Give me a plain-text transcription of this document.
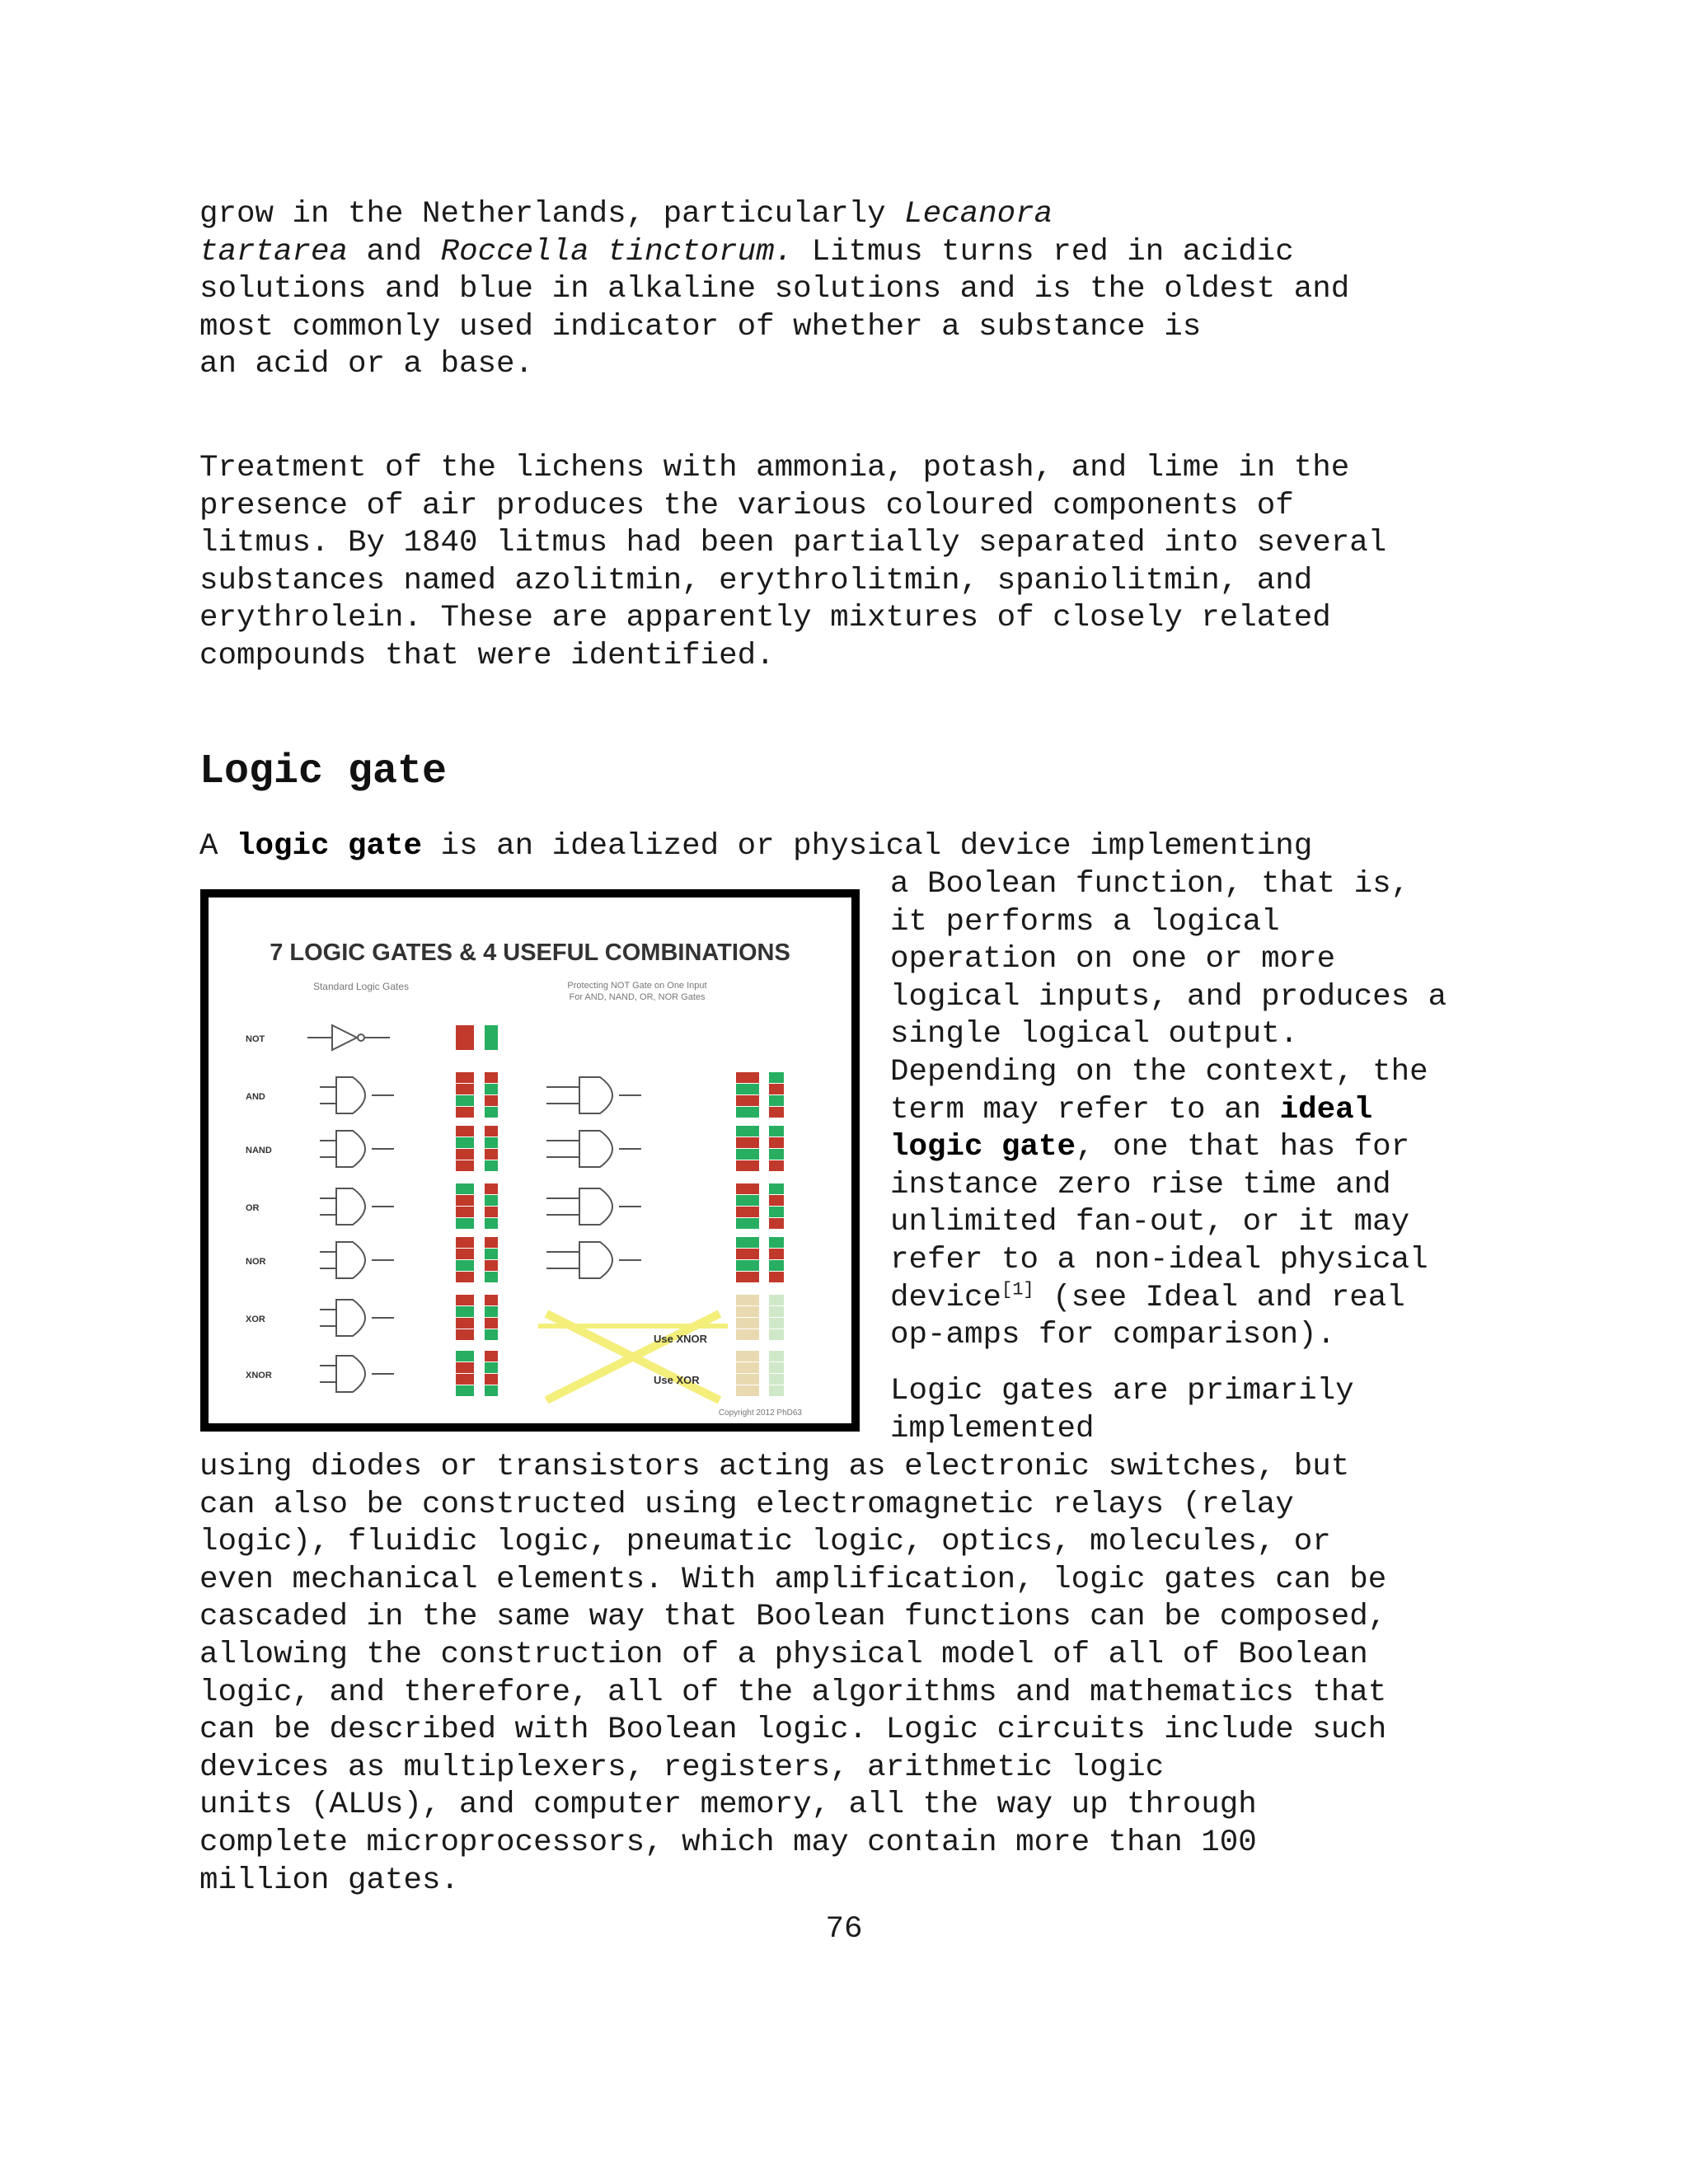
grow in the Netherlands, particularly Lecanora
tartarea and Roccella tinctorum. Litmus turns red in acidic
solutions and blue in alkaline solutions and is the oldest and
most commonly used indicator of whether a substance is
an acid or a base.
Treatment of the lichens with ammonia, potash, and lime in the
presence of air produces the various coloured components of
litmus. By 1840 litmus had been partially separated into several
substances named azolitmin, erythrolitmin, spaniolitmin, and
erythrolein. These are apparently mixtures of closely related
compounds that were identified.
Logic gate
A logic gate is an idealized or physical device implementing
7 LOGIC GATES & 4 USEFUL COMBINATIONS
Standard Logic Gates	Protecting NOT Gate on One Input
For AND, NAND, OR, NOR Gates
NOT
AND
NAND
OR
NOR
XOR
XNOR
Use XNOR
Use XOR
Copyright 2012 PhD63
a Boolean function, that is,
it performs a logical
operation on one or more
logical inputs, and produces a
single logical output.
Depending on the context, the
term may refer to an ideal
logic gate, one that has for
instance zero rise time and
unlimited fan-out, or it may
refer to a non-ideal physical
device[1] (see Ideal and real
op-amps for comparison).
Logic gates are primarily
implemented
using diodes or transistors acting as electronic switches, but
can also be constructed using electromagnetic relays (relay
logic), fluidic logic, pneumatic logic, optics, molecules, or
even mechanical elements. With amplification, logic gates can be
cascaded in the same way that Boolean functions can be composed,
allowing the construction of a physical model of all of Boolean
logic, and therefore, all of the algorithms and mathematics that
can be described with Boolean logic. Logic circuits include such
devices as multiplexers, registers, arithmetic logic
units (ALUs), and computer memory, all the way up through
complete microprocessors, which may contain more than 100
million gates.
76
